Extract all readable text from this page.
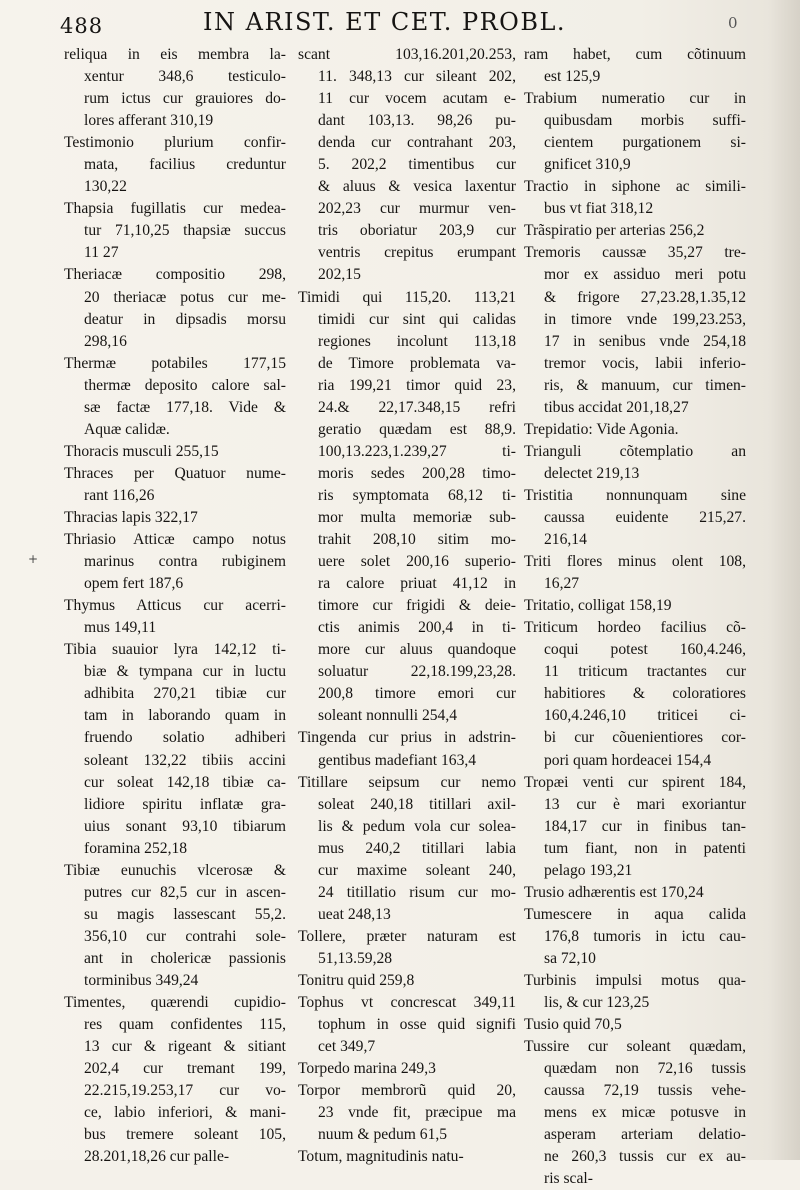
488	IN ARIST. ET CET. PROBL.	0
+
reliqua in eis membra la-
xentur 348,6 testiculo-
rum ictus cur grauiores do-
lores afferant 310,19
Testimonio plurium confir-
mata, facilius creduntur
130,22
Thapsia fugillatis cur medea-
tur 71,10,25 thapsiæ succus
11 27
Theriacæ compositio 298,
20 theriacæ potus cur me-
deatur in dipsadis morsu
298,16
Thermæ potabiles 177,15
thermæ deposito calore sal-
sæ factæ 177,18. Vide &
Aquæ calidæ.
Thoracis musculi 255,15
Thraces per Quatuor nume-
rant 116,26
Thracias lapis 322,17
Thriasio Atticæ campo notus
marinus contra rubiginem
opem fert 187,6
Thymus Atticus cur acerri-
mus 149,11
Tibia suauior lyra 142,12 ti-
biæ & tympana cur in luctu
adhibita 270,21 tibiæ cur
tam in laborando quam in
fruendo solatio adhiberi
soleant 132,22 tibiis accini
cur soleat 142,18 tibiæ ca-
lidiore spiritu inflatæ gra-
uius sonant 93,10 tibiarum
foramina 252,18
Tibiæ eunuchis vlcerosæ &
putres cur 82,5 cur in ascen-
su magis lassescant 55,2.
356,10 cur contrahi sole-
ant in cholericæ passionis
torminibus 349,24
Timentes, quærendi cupidio-
res quam confidentes 115,
13 cur & rigeant & sitiant
202,4 cur tremant 199,
22.215,19.253,17 cur vo-
ce, labio inferiori, & mani-
bus tremere soleant 105,
28.201,18,26 cur palle-
scant 103,16.201,20.253,
11. 348,13 cur sileant 202,
11 cur vocem acutam e-
dant 103,13. 98,26 pu-
denda cur contrahant 203,
5. 202,2 timentibus cur
& aluus & vesica laxentur
202,23 cur murmur ven-
tris oboriatur 203,9 cur
ventris crepitus erumpant
202,15
Timidi qui 115,20. 113,21
timidi cur sint qui calidas
regiones incolunt 113,18
de Timore problemata va-
ria 199,21 timor quid 23,
24.& 22,17.348,15 refri
geratio quædam est 88,9.
100,13.223,1.239,27 ti-
moris sedes 200,28 timo-
ris symptomata 68,12 ti-
mor multa memoriæ sub-
trahit 208,10 sitim mo-
uere solet 200,16 superio-
ra calore priuat 41,12 in
timore cur frigidi & deie-
ctis animis 200,4 in ti-
more cur aluus quandoque
soluatur 22,18.199,23,28.
200,8 timore emori cur
soleant nonnulli 254,4
Tingenda cur prius in adstrin-
gentibus madefiant 163,4
Titillare seipsum cur nemo
soleat 240,18 titillari axil-
lis & pedum vola cur solea-
mus 240,2 titillari labia
cur maxime soleant 240,
24 titillatio risum cur mo-
ueat 248,13
Tollere, præter naturam est
51,13.59,28
Tonitru quid 259,8
Tophus vt concrescat 349,11
tophum in osse quid signifi
cet 349,7
Torpedo marina 249,3
Torpor membrorũ quid 20,
23 vnde fit, præcipue ma
nuum & pedum 61,5
Totum, magnitudinis natu-
ram habet, cum cõtinuum
est 125,9
Trabium numeratio cur in
quibusdam morbis suffi-
cientem purgationem si-
gnificet 310,9
Tractio in siphone ac simili-
bus vt fiat 318,12
Trãspiratio per arterias 256,2
Tremoris caussæ 35,27 tre-
mor ex assiduo meri potu
& frigore 27,23.28,1.35,12
in timore vnde 199,23.253,
17 in senibus vnde 254,18
tremor vocis, labii inferio-
ris, & manuum, cur timen-
tibus accidat 201,18,27
Trepidatio: Vide Agonia.
Trianguli cõtemplatio an
delectet 219,13
Tristitia nonnunquam sine
caussa euidente 215,27.
216,14
Triti flores minus olent 108,
16,27
Tritatio, colligat 158,19
Triticum hordeo facilius cõ-
coqui potest 160,4.246,
11 triticum tractantes cur
habitiores & coloratiores
160,4.246,10 triticei ci-
bi cur cõuenientiores cor-
pori quam hordeacei 154,4
Tropæi venti cur spirent 184,
13 cur è mari exoriantur
184,17 cur in finibus tan-
tum fiant, non in patenti
pelago 193,21
Trusio adhærentis est 170,24
Tumescere in aqua calida
176,8 tumoris in ictu cau-
sa 72,10
Turbinis impulsi motus qua-
lis, & cur 123,25
Tusio quid 70,5
Tussire cur soleant quædam,
quædam non 72,16 tussis
caussa 72,19 tussis vehe-
mens ex micæ potusve in
asperam arteriam delatio-
ne 260,3 tussis cur ex au-
ris scal-
